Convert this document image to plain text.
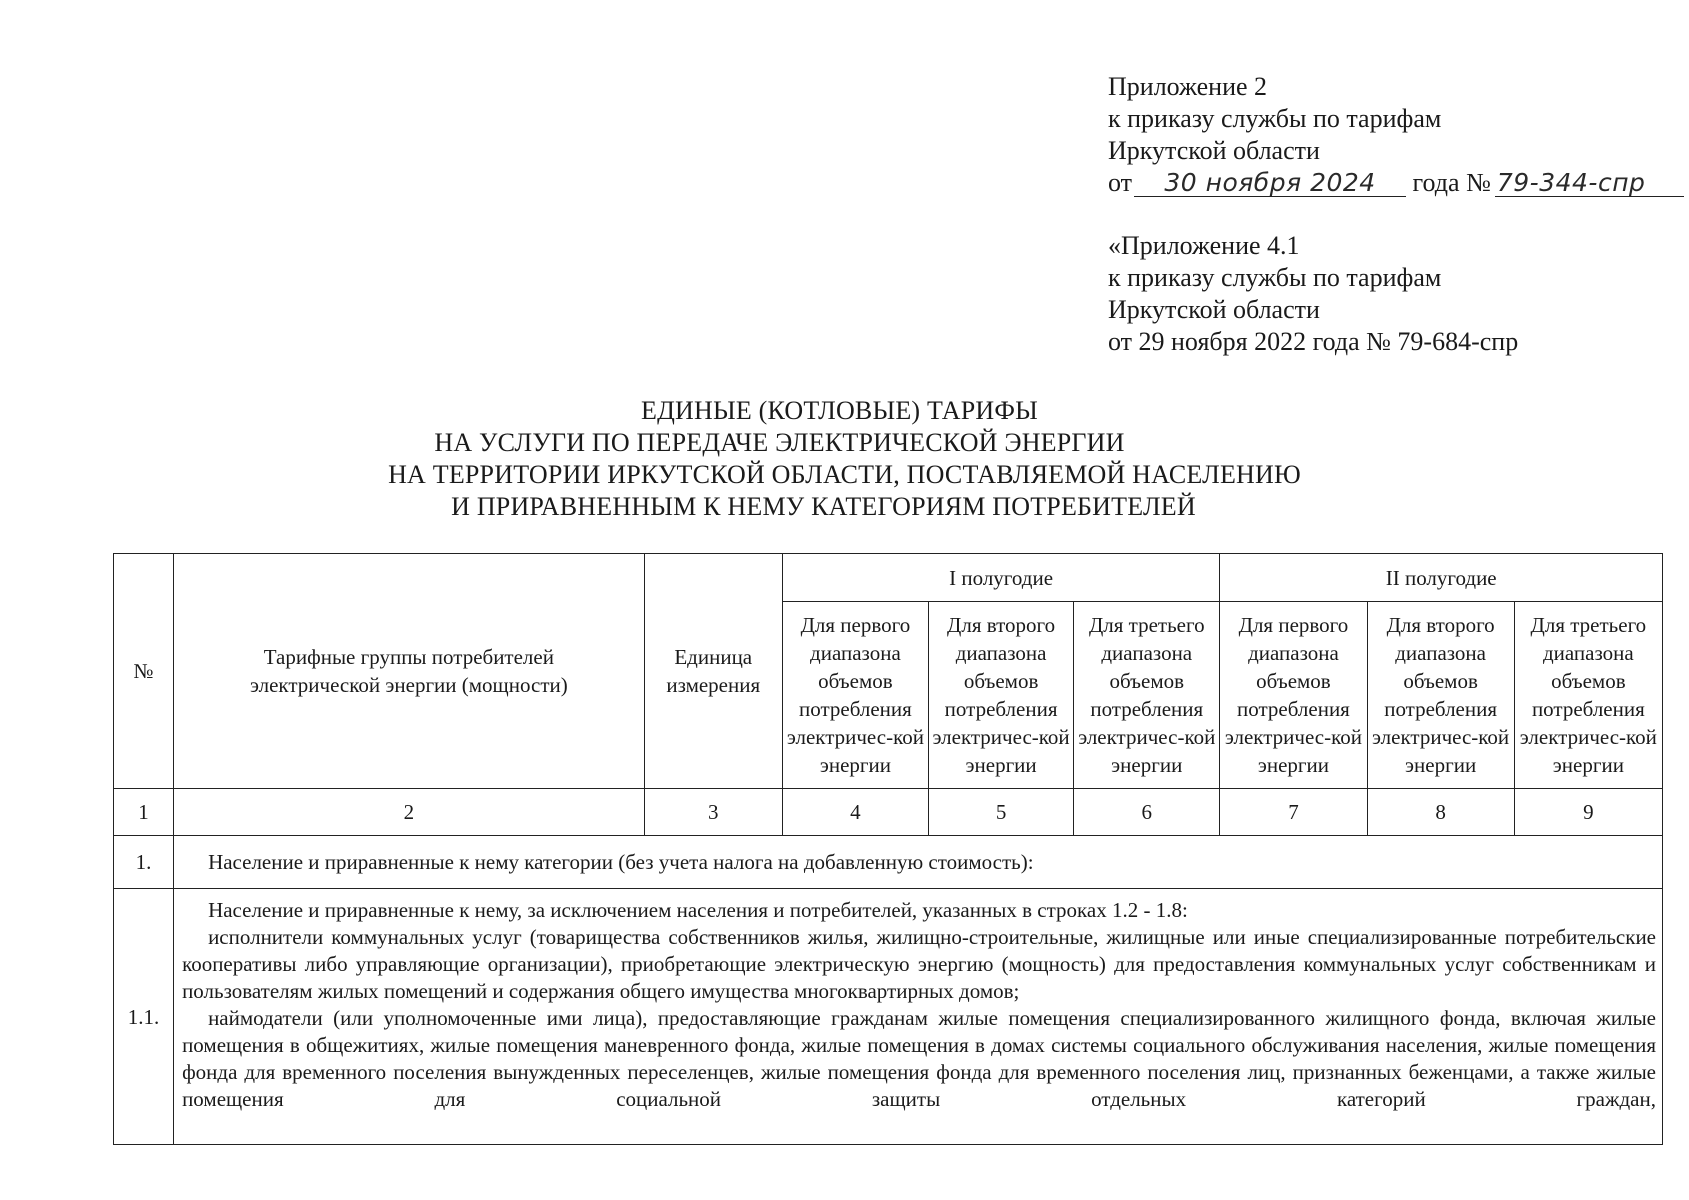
Приложение 2
к приказу службы по тарифам
Иркутской области
от 30 ноября 2024 года № 79-344-спр
«Приложение 4.1
к приказу службы по тарифам
Иркутской области
от 29 ноября 2022 года № 79-684-спр
ЕДИНЫЕ (КОТЛОВЫЕ) ТАРИФЫ
НА УСЛУГИ ПО ПЕРЕДАЧЕ ЭЛЕКТРИЧЕСКОЙ ЭНЕРГИИ
НА ТЕРРИТОРИИ ИРКУТСКОЙ ОБЛАСТИ, ПОСТАВЛЯЕМОЙ НАСЕЛЕНИЮ
И ПРИРАВНЕННЫМ К НЕМУ КАТЕГОРИЯМ ПОТРЕБИТЕЛЕЙ
№	Тарифные группы потребителей электрической энергии (мощности)	Единица измерения	I полугодие			II полугодие		
			Для первого диапазона объемов потребления электричес-кой энергии	Для второго диапазона объемов потребления электричес-кой энергии	Для третьего диапазона объемов потребления электричес-кой энергии	Для первого диапазона объемов потребления электричес-кой энергии	Для второго диапазона объемов потребления электричес-кой энергии	Для третьего диапазона объемов потребления электричес-кой энергии
1	2	3	4	5	6	7	8	9
1.	Население и приравненные к нему категории (без учета налога на добавленную стоимость):							
1.1.	Население и приравненные к нему, за исключением населения и потребителей, указанных в строках 1.2 - 1.8:

исполнители коммунальных услуг (товарищества собственников жилья, жилищно-строительные, жилищные или иные специализированные потребительские кооперативы либо управляющие организации), приобретающие электрическую энергию (мощность) для предоставления коммунальных услуг собственникам и пользователям жилых помещений и содержания общего имущества многоквартирных домов;

наймодатели (или уполномоченные ими лица), предоставляющие гражданам жилые помещения специализированного жилищного фонда, включая жилые помещения в общежитиях, жилые помещения маневренного фонда, жилые помещения в домах системы социального обслуживания населения, жилые помещения фонда для временного поселения вынужденных переселенцев, жилые помещения фонда для временного поселения лиц, признанных беженцами, а также жилые помещения для социальной защиты отдельных категорий граждан,							
